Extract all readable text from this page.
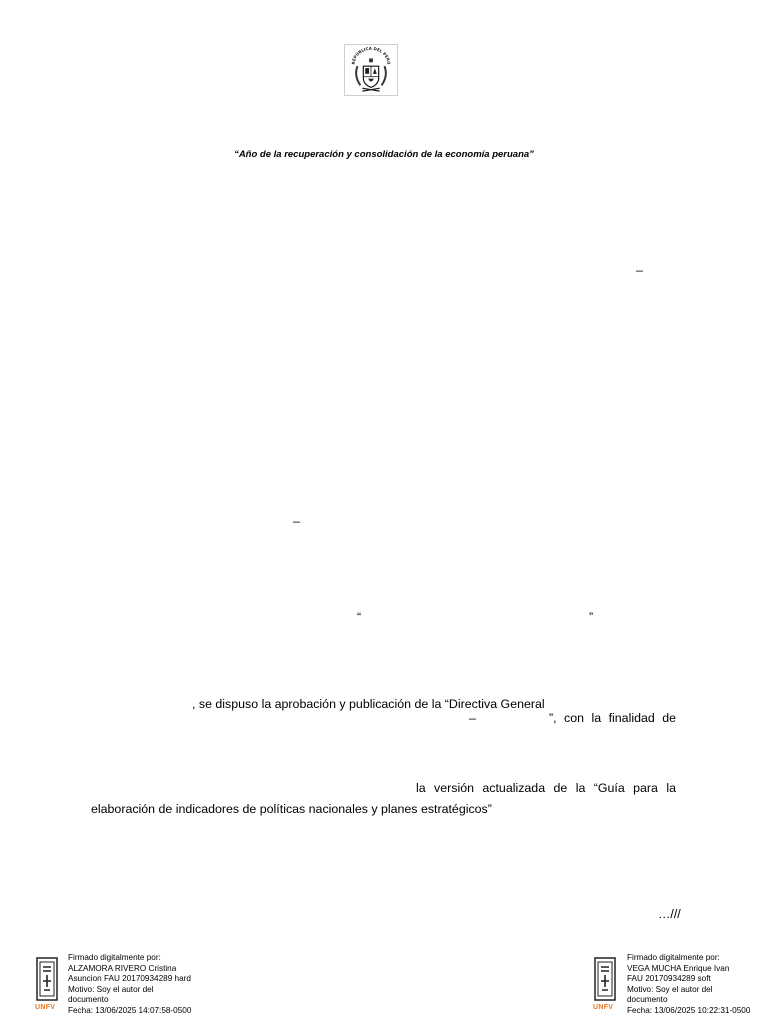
REPÚBLICA DEL PERÚ
“Año de la recuperación y consolidación de la economía peruana”
–
–
“	”
, se dispuso la aprobación y publicación de la “Directiva General
–	”, con la finalidad de
la versión actualizada de la “Guía para la
elaboración de indicadores de políticas nacionales y planes estratégicos”
…///
UNFV
Firmado digitalmente por:
ALZAMORA RIVERO Cristina
Asuncion FAU 20170934289 hard
Motivo: Soy el autor del
documento
Fecha: 13/06/2025 14:07:58-0500	UNFV
Firmado digitalmente por:
VEGA MUCHA Enrique Ivan
FAU 20170934289 soft
Motivo: Soy el autor del
documento
Fecha: 13/06/2025 10:22:31-0500
